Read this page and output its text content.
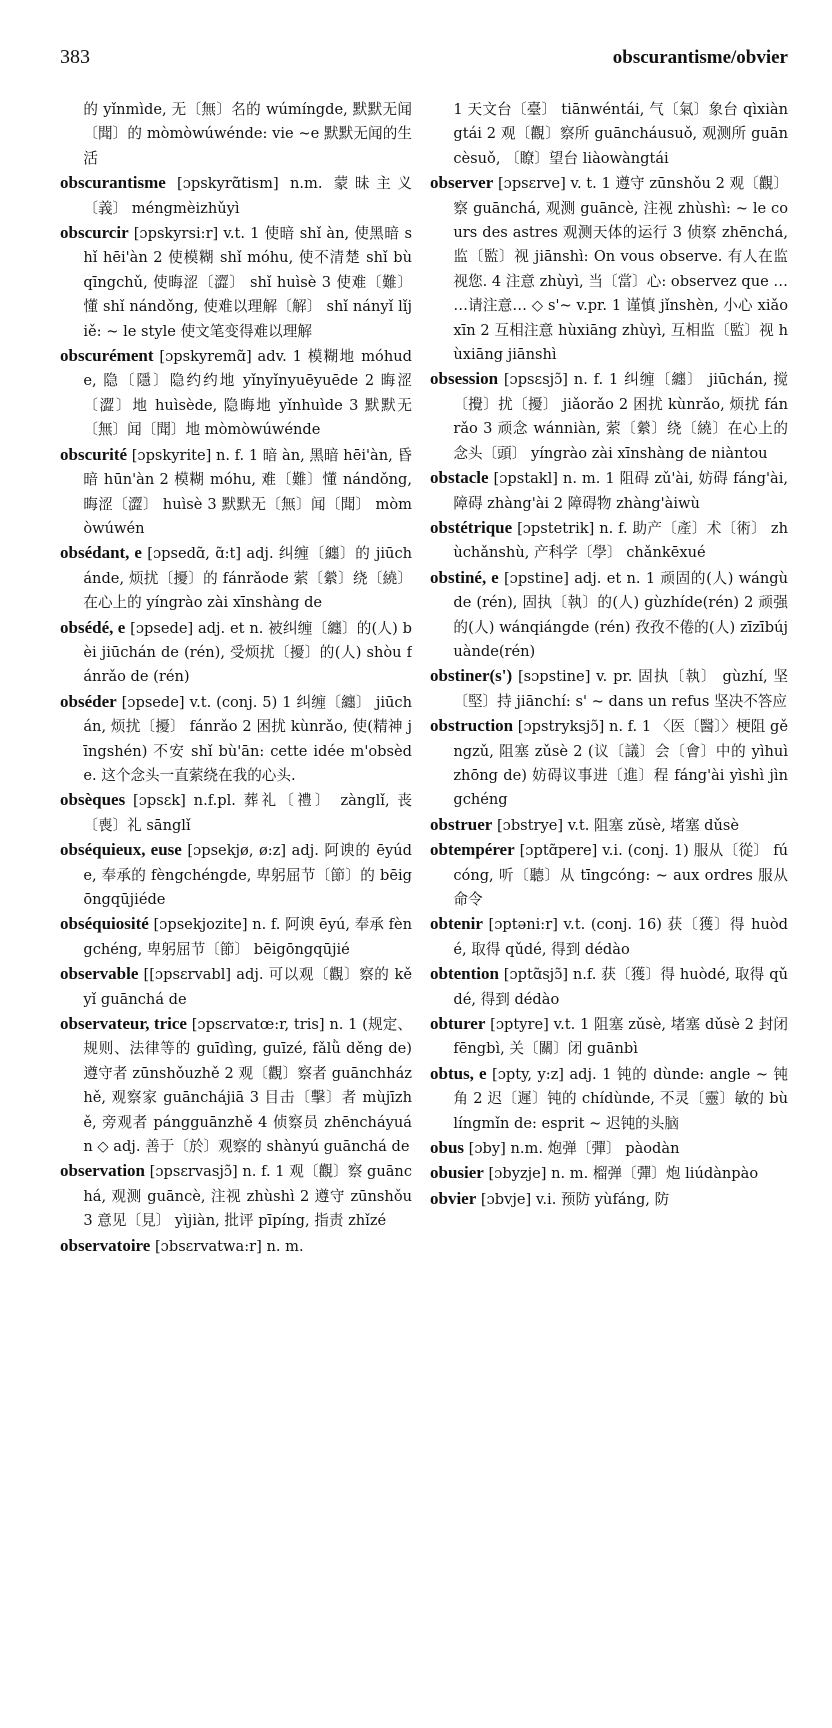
383	obscurantisme/obvier
的 yǐnmìde, 无〔無〕名的 wúmíngde, 默默无闻〔聞〕的 mòmòwúwénde: vie ~e 默默无闻的生活
obscurantisme [ɔpskyrɑ̃tism] n.m. 蒙昧主义〔義〕 méngmèizhǔyì
obscurcir [ɔpskyrsi:r] v.t. 1 使暗 shǐ àn, 使黑暗 shǐ hēi'àn 2 使模糊 shǐ móhu, 使不清楚 shǐ bù qīngchǔ, 使晦涩〔澀〕 shǐ huìsè 3 使难〔難〕懂 shǐ nándǒng, 使难以理解〔解〕 shǐ nányǐ lǐjiě: ~ le style 使文笔变得难以理解
obscurément [ɔpskyremɑ̃] adv. 1 模糊地 móhude, 隐〔隱〕隐约约地 yǐnyǐnyuēyuēde 2 晦涩〔澀〕地 huìsède, 隐晦地 yǐnhuìde 3 默默无〔無〕闻〔聞〕地 mòmòwúwénde
obscurité [ɔpskyrite] n. f. 1 暗 àn, 黑暗 hēi'àn, 昏暗 hūn'àn 2 模糊 móhu, 难〔難〕懂 nándǒng, 晦涩〔澀〕 huìsè 3 默默无〔無〕闻〔聞〕 mòmòwúwén
obsédant, e [ɔpsedɑ̃, ɑ̃:t] adj. 纠缠〔纏〕的 jiūchánde, 烦扰〔擾〕的 fánrǎode 萦〔縈〕绕〔繞〕在心上的 yíngrào zài xīnshàng de
obsédé, e [ɔpsede] adj. et n. 被纠缠〔纏〕的(人) bèi jiūchán de (rén), 受烦扰〔擾〕的(人) shòu fánrǎo de (rén)
obséder [ɔpsede] v.t. (conj. 5) 1 纠缠〔纏〕 jiūchán, 烦扰〔擾〕 fánrǎo 2 困扰 kùnrǎo, 使(精神 jīngshén) 不安 shǐ bù'ān: cette idée m'obsède. 这个念头一直萦绕在我的心头.
obsèques [ɔpsɛk] n.f.pl. 葬礼〔禮〕 zànglǐ, 丧〔喪〕礼 sānglǐ
obséquieux, euse [ɔpsekjø, ø:z] adj. 阿谀的 ēyúde, 奉承的 fèngchéngde, 卑躬屈节〔節〕的 bēigōngqūjiéde
obséquiosité [ɔpsekjozite] n. f. 阿谀 ēyú, 奉承 fèngchéng, 卑躬屈节〔節〕 bēigōngqūjié
observable [[ɔpsɛrvabl] adj. 可以观〔觀〕察的 kěyǐ guānchá de
observateur, trice [ɔpsɛrvatœ:r, tris] n. 1 (规定、规则、法律等的 guīdìng, guīzé, fǎlǜ děng de) 遵守者 zūnshǒuzhě 2 观〔觀〕察者 guānchházhě, 观察家 guāncháj​iā 3 目击〔擊〕者 mùjīzhě, 旁观者 pángguānzhě 4 侦察员 zhēncháyuán ◇ adj. 善于〔於〕观察的 shànyú guānchá de
observation [ɔpsɛrvasjɔ̃] n. f. 1 观〔觀〕察 guānchá, 观测 guāncè, 注视 zhùshì 2 遵守 zūnshǒu 3 意见〔見〕 yìjiàn, 批评 pīpíng, 指责 zhǐzé
observatoire [ɔbsɛrvatwa:r] n. m.
1 天文台〔臺〕 tiānwéntái, 气〔氣〕象台 qìxiàngtái 2 观〔觀〕察所 guāncháusuǒ, 观测所 guāncèsuǒ, 〔瞭〕望台 liàowàngtái
observer [ɔpsɛrve] v. t. 1 遵守 zūnshǒu 2 观〔觀〕察 guānchá, 观测 guāncè, 注视 zhùshì: ~ le cours des astres 观测天体的运行 3 侦察 zhēnchá, 监〔監〕视 jiānshì: On vous observe. 有人在监视您. 4 注意 zhùyì, 当〔當〕心: observez que … …请注意… ◇ s'~ v.pr. 1 谨慎 jǐnshèn, 小心 xiǎoxīn 2 互相注意 hùxiāng zhùyì, 互相监〔監〕视 hùxiāng jiānshì
obsession [ɔpsɛsjɔ̃] n. f. 1 纠缠〔纏〕 jiūchán, 搅〔攪〕扰〔擾〕 jiǎorǎo 2 困扰 kùnrǎo, 烦扰 fánrǎo 3 顽念 wánniàn, 萦〔縈〕绕〔繞〕在心上的念头〔頭〕 yíngrào zài xīnshàng de niàntou
obstacle [ɔpstakl] n. m. 1 阻碍 zǔ'ài, 妨碍 fáng'ài, 障碍 zhàng'ài 2 障碍物 zhàng'àiwù
obstétrique [ɔpstetrik] n. f. 助产〔產〕术〔術〕 zhùchǎnshù, 产科学〔學〕 chǎnkēxué
obstiné, e [ɔpstine] adj. et n. 1 顽固的(人) wángùde (rén), 固执〔執〕的(人) gùzhíde(rén) 2 顽强的(人) wánqiángde (rén) 孜孜不倦的(人) zīzībújuànde(rén)
obstiner(s') [sɔpstine] v. pr. 固执〔執〕 gùzhí, 坚〔堅〕持 jiānchí: s' ~ dans un refus 坚决不答应
obstruction [ɔpstryksjɔ̃] n. f. 1 〈医〔醫〕〉梗阻 gěngzǔ, 阻塞 zǔsè 2 (议〔議〕会〔會〕中的 yìhuì zhōng de) 妨碍议事进〔進〕程 fáng'ài yìshì jìngchéng
obstruer [ɔbstrye] v.t. 阻塞 zǔsè, 堵塞 dǔsè
obtempérer [ɔptɑ̃pere] v.i. (conj. 1) 服从〔從〕 fúcóng, 听〔聽〕从 tīngcóng: ~ aux ordres 服从命令
obtenir [ɔptəni:r] v.t. (conj. 16) 获〔獲〕得 huòdé, 取得 qǔdé, 得到 dédào
obtention [ɔptɑ̃sjɔ̃] n.f. 获〔獲〕得 huòdé, 取得 qǔdé, 得到 dédào
obturer [ɔptyre] v.t. 1 阻塞 zǔsè, 堵塞 dǔsè 2 封闭 fēngbì, 关〔關〕闭 guānbì
obtus, e [ɔpty, y:z] adj. 1 钝的 dùnde: angle ~ 钝角 2 迟〔遲〕钝的 chídùnde, 不灵〔靈〕敏的 bù língmǐn de: esprit ~ 迟钝的头脑
obus [ɔby] n.m. 炮弹〔彈〕 pàodàn
obusier [ɔbyzje] n. m. 榴弹〔彈〕炮 liúdànpào
obvier [ɔbvje] v.i. 预防 yùfáng, 防
